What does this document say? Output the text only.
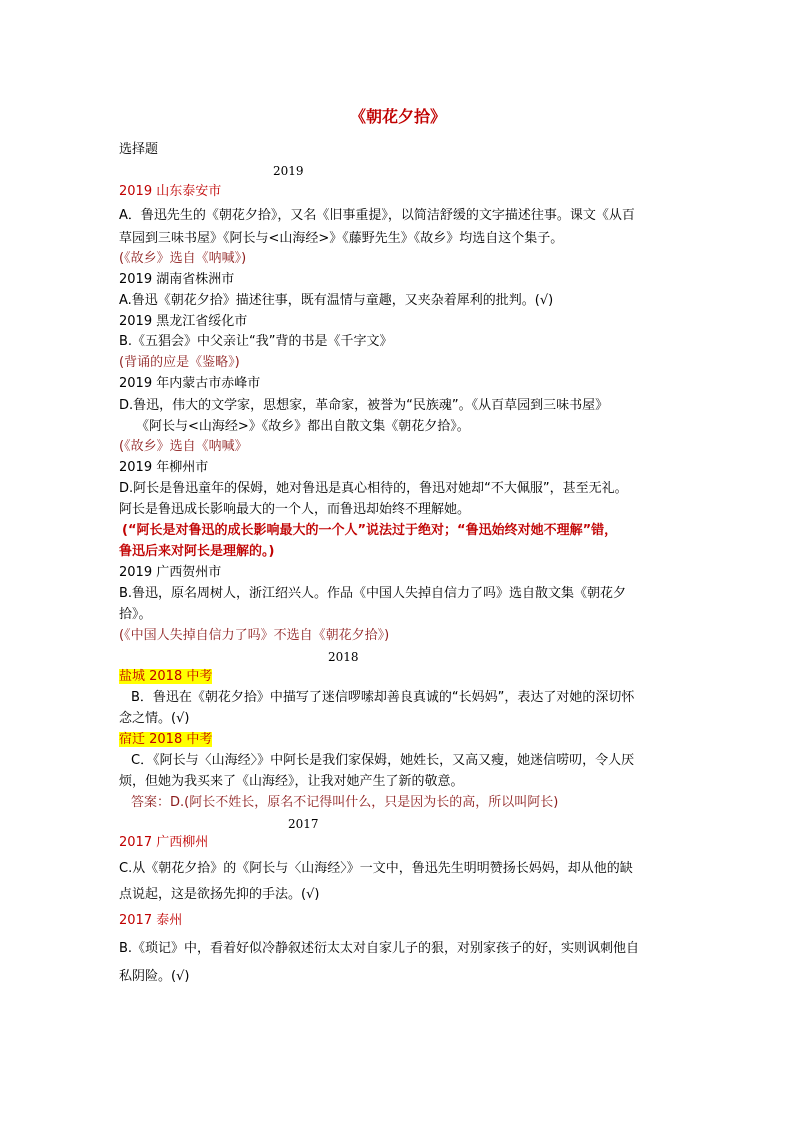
《朝花夕拾》
选择题
2019
2019 山东泰安市
A．鲁迅先生的《朝花夕拾》，又名《旧事重提》，以简洁舒缓的文字描述往事。课文《从百
草园到三味书屋》《阿长与<山海经>》《藤野先生》《故乡》均选自这个集子。
(《故乡》选自《呐喊》)
2019 湖南省株洲市
A.鲁迅《朝花夕拾》描述往事，既有温情与童趣，又夹杂着犀利的批判。(√)
2019 黑龙江省绥化市
B.《五猖会》中父亲让“我”背的书是《千字文》
(背诵的应是《鉴略》)
2019 年内蒙古市赤峰市
D.鲁迅，伟大的文学家，思想家，革命家，被誉为“民族魂”。《从百草园到三味书屋》
《阿长与<山海经>》《故乡》都出自散文集《朝花夕拾》。
(《故乡》选自《呐喊》
2019 年柳州市
D.阿长是鲁迅童年的保姆，她对鲁迅是真心相待的，鲁迅对她却“不大佩服”，甚至无礼。
阿长是鲁迅成长影响最大的一个人，而鲁迅却始终不理解她。
(“阿长是对鲁迅的成长影响最大的一个人”说法过于绝对；“鲁迅始终对她不理解”错，
鲁迅后来对阿长是理解的。)
2019 广西贺州市
B.鲁迅，原名周树人，浙江绍兴人。作品《中国人失掉自信力了吗》选自散文集《朝花夕
拾》。
(《中国人失掉自信力了吗》不选自《朝花夕拾》)
2018
盐城 2018 中考
B．鲁迅在《朝花夕拾》中描写了迷信啰嗦却善良真诚的“长妈妈”，表达了对她的深切怀
念之情。(√)
宿迁 2018 中考
C．《阿长与〈山海经〉》中阿长是我们家保姆，她姓长，又高又瘦，她迷信唠叨，令人厌
烦，但她为我买来了《山海经》，让我对她产生了新的敬意。
答案：D.(阿长不姓长，原名不记得叫什么，只是因为长的高，所以叫阿长)
2017
2017 广西柳州
C.从《朝花夕拾》的《阿长与〈山海经〉》一文中，鲁迅先生明明赞扬长妈妈，却从他的缺
点说起，这是欲扬先抑的手法。(√)
2017 泰州
B.《琐记》中，看着好似冷静叙述衍太太对自家儿子的狠，对别家孩子的好，实则讽刺他自
私阴险。(√)
